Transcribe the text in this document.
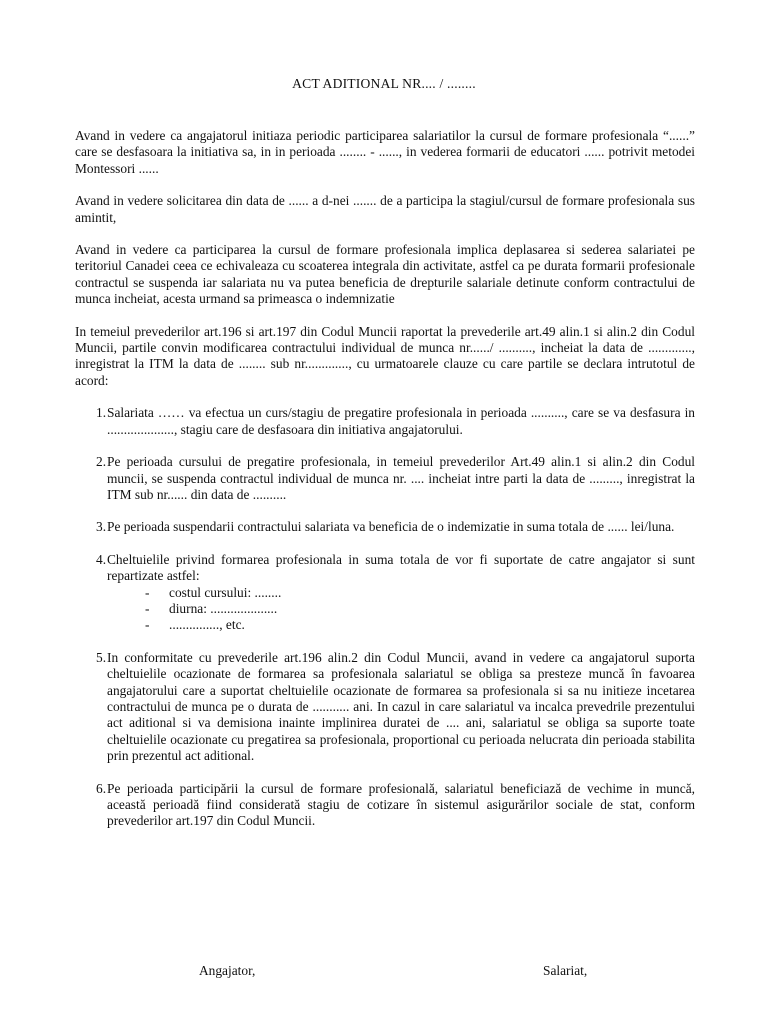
ACT ADITIONAL NR.... / ........

Avand in vedere ca angajatorul initiaza periodic participarea salariatilor la cursul de formare profesionala “......” care se desfasoara la initiativa sa, in in perioada ........ - ......, in vederea formarii de educatori ...... potrivit metodei Montessori ......

Avand in vedere solicitarea din data de ...... a d-nei ....... de a participa la stagiul/cursul de formare profesionala sus amintit,

Avand in vedere ca participarea la cursul de formare profesionala implica deplasarea si sederea salariatei pe teritoriul Canadei ceea ce echivaleaza cu scoaterea integrala din activitate, astfel ca pe durata formarii profesionale contractul se suspenda iar salariata nu va putea beneficia de drepturile salariale detinute conform contractului de munca incheiat, acesta urmand sa primeasca o indemnizatie

In temeiul prevederilor art.196 si art.197 din Codul Muncii raportat la prevederile art.49 alin.1 si alin.2 din Codul Muncii, partile convin modificarea contractului individual de munca nr....../ .........., incheiat la data de ............., inregistrat la ITM la data de ........ sub nr............., cu urmatoarele clauze cu care partile se declara intrutotul de acord:

1. Salariata …… va efectua un curs/stagiu de pregatire profesionala in perioada .........., care se va desfasura in ...................., stagiu care de desfasoara din initiativa angajatorului.
2. Pe perioada cursului de pregatire profesionala, in temeiul prevederilor Art.49 alin.1 si alin.2 din Codul muncii, se suspenda contractul individual de munca nr. .... incheiat intre parti la data de ........., inregistrat la ITM sub nr...... din data de ..........
3. Pe perioada suspendarii contractului salariata va beneficia de o indemizatie in suma totala de ...... lei/luna.
4. Cheltuielile privind formarea profesionala in suma totala de vor fi suportate de catre angajator si sunt repartizate astfel:
- costul cursului: ........
- diurna: ....................
- ..............., etc.
5. In conformitate cu prevederile art.196 alin.2 din Codul Muncii, avand in vedere ca angajatorul suporta cheltuielile ocazionate de formarea sa profesionala salariatul se obliga sa presteze muncă în favoarea angajatorului care a suportat cheltuielile ocazionate de formarea sa profesionala si sa nu initieze incetarea contractului de munca pe o durata de ........... ani. In cazul in care salariatul va incalca prevedrile prezentului act aditional si va demisiona inainte implinirea duratei de .... ani, salariatul se obliga sa suporte toate cheltuielile ocazionate cu pregatirea sa profesionala, proportional cu perioada nelucrata din perioada stabilita prin prezentul act aditional.
6. Pe perioada participării la cursul de formare profesională, salariatul beneficiază de vechime in muncă, această perioadă fiind considerată stagiu de cotizare în sistemul asigurărilor sociale de stat, conform prevederilor art.197 din Codul Muncii.
Angajator,	Salariat,
